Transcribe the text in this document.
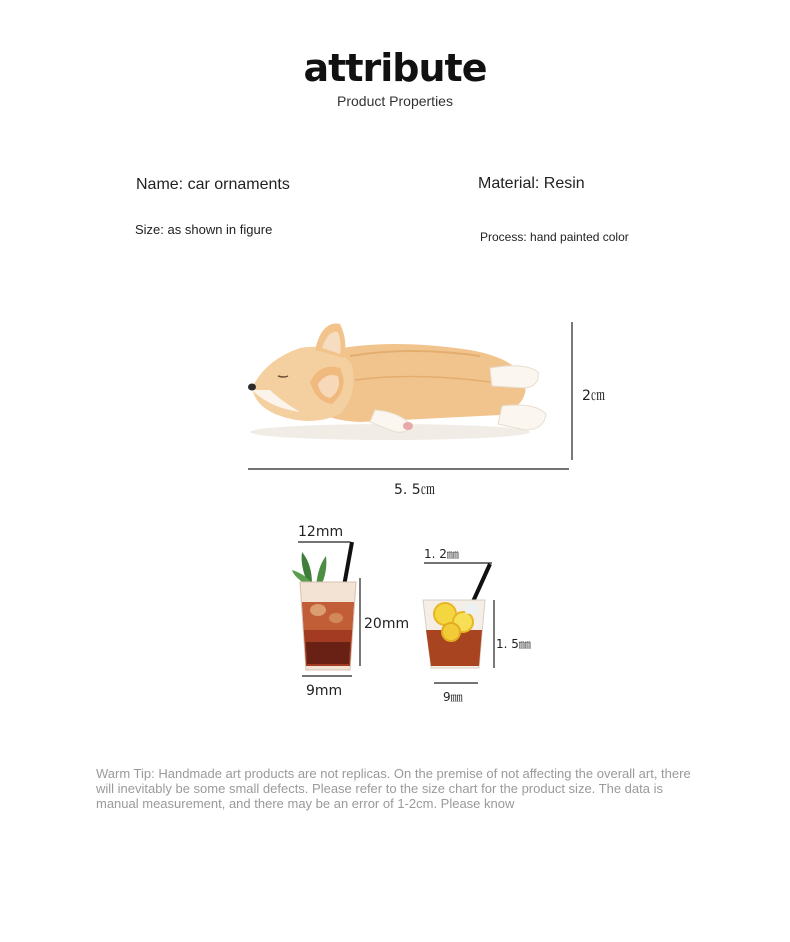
attribute
Product Properties
Name: car ornaments	Material: Resin
Size: as shown in figure	Process: hand painted color
2㎝
5. 5㎝
12mm
20mm
9mm
1. 2㎜
1. 5㎜
9㎜
Warm Tip: Handmade art products are not replicas. On the premise of not affecting the overall art, there will inevitably be some small defects. Please refer to the size chart for the product size. The data is manual measurement, and there may be an error of 1-2cm. Please know
